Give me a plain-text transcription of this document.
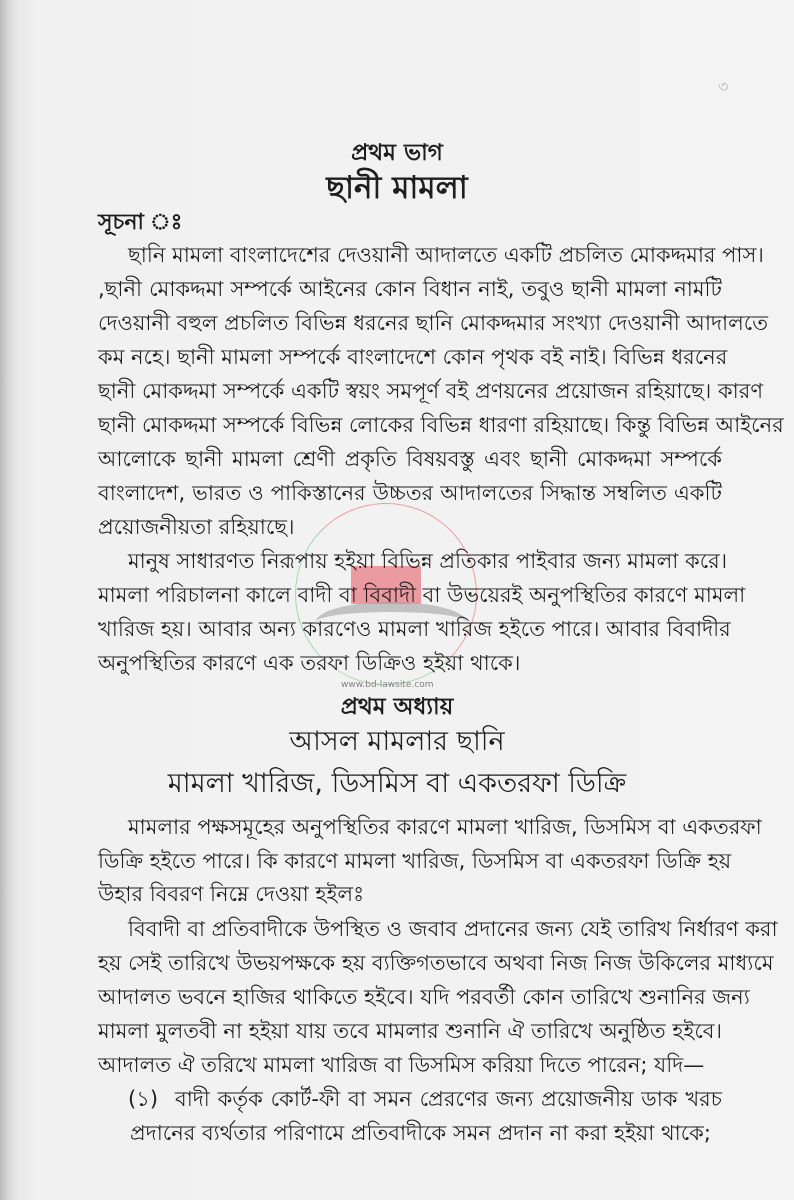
৩
www.bd-lawsite.com
প্রথম ভাগ
ছানী মামলা
সূচনা ঃ
ছানি মামলা বাংলাদেশের দেওয়ানী আদালতে একটি প্রচলিত মোকদ্দমার পাস।
,ছানী মোকদ্দমা সম্পর্কে আইনের কোন বিধান নাই, তবুও ছানী মামলা নামটি
দেওয়ানী বহুল প্রচলিত বিভিন্ন ধরনের ছানি মোকদ্দমার সংখ্যা দেওয়ানী আদালতে
কম নহে। ছানী মামলা সম্পর্কে বাংলাদেশে কোন পৃথক বই নাই। বিভিন্ন ধরনের
ছানী মোকদ্দমা সম্পর্কে একটি স্বয়ং সমপূর্ণ বই প্রণয়নের প্রয়োজন রহিয়াছে। কারণ
ছানী মোকদ্দমা সম্পর্কে বিভিন্ন লোকের বিভিন্ন ধারণা রহিয়াছে। কিন্তু বিভিন্ন আইনের
আলোকে ছানী মামলা শ্রেণী প্রকৃতি বিষয়বস্তু এবং ছানী মোকদ্দমা সম্পর্কে
বাংলাদেশ, ভারত ও পাকিস্তানের উচ্চতর আদালতের সিদ্ধান্ত সম্বলিত একটি
প্রয়োজনীয়তা রহিয়াছে।
মানুষ সাধারণত নিরূপায় হইয়া বিভিন্ন প্রতিকার পাইবার জন্য মামলা করে।
মামলা পরিচালনা কালে বাদী বা বিবাদী বা উভয়েরই অনুপস্থিতির কারণে মামলা
খারিজ হয়। আবার অন্য কারণেও মামলা খারিজ হইতে পারে। আবার বিবাদীর
অনুপস্থিতির কারণে এক তরফা ডিক্রিও হইয়া থাকে।
প্রথম অধ্যায়
আসল মামলার ছানি
মামলা খারিজ, ডিসমিস বা একতরফা ডিক্রি
মামলার পক্ষসমূহের অনুপস্থিতির কারণে মামলা খারিজ, ডিসমিস বা একতরফা
ডিক্রি হইতে পারে। কি কারণে মামলা খারিজ, ডিসমিস বা একতরফা ডিক্রি হয়
উহার বিবরণ নিম্নে দেওয়া হইলঃ
বিবাদী বা প্রতিবাদীকে উপস্থিত ও জবাব প্রদানের জন্য যেই তারিখ নির্ধারণ করা
হয় সেই তারিখে উভয়পক্ষকে হয় ব্যক্তিগতভাবে অথবা নিজ নিজ উকিলের মাধ্যমে
আদালত ভবনে হাজির থাকিতে হইবে। যদি পরবর্তী কোন তারিখে শুনানির জন্য
মামলা মুলতবী না হইয়া যায় তবে মামলার শুনানি ঐ তারিখে অনুষ্ঠিত হইবে।
আদালত ঐ তরিখে মামলা খারিজ বা ডিসমিস করিয়া দিতে পারেন; যদি—
(১) বাদী কর্তৃক কোর্ট-ফী বা সমন প্রেরণের জন্য প্রয়োজনীয় ডাক খরচ
প্রদানের ব্যর্থতার পরিণামে প্রতিবাদীকে সমন প্রদান না করা হইয়া থাকে;
